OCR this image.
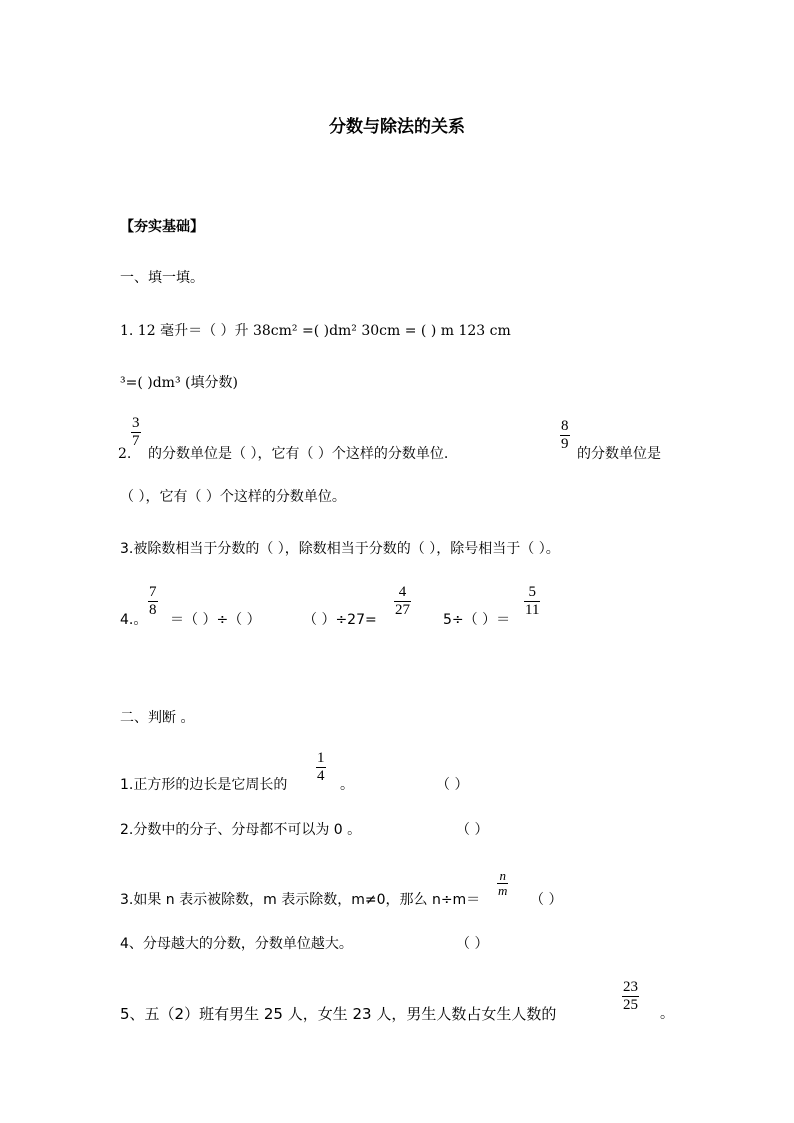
分数与除法的关系
【夯实基础】
一、填一填。
1. 12 毫升＝（ ）升 38cm² =( )dm² 30cm = ( ) m 123 cm
³=( )dm³ (填分数)
2.
$\frac{3}{7}$
的分数单位是（ ），它有（ ）个这样的分数单位.
$\frac{8}{9}$
的分数单位是
（ ），它有（ ）个这样的分数单位。
3.被除数相当于分数的（ ），除数相当于分数的（ ），除号相当于（ ）。
4.。
$\frac{7}{8}$
＝（ ）÷（ ）	（ ）÷27=
$\frac{4}{27}$
5÷（ ）＝
$\frac{5}{11}$
二、判断 。
1.正方形的边长是它周长的 $\frac{1}{4}$ 。	（ ）
2.分数中的分子、分母都不可以为 0 。	（ ）
3.如果 n 表示被除数，m 表示除数，m≠0，那么 n÷m＝
$\frac{n}{m}$
（ ）
4、分母越大的分数，分数单位越大。	（ ）
5、五（2）班有男生 25 人，女生 23 人，男生人数占女生人数的	$\frac{23}{25}$ 。
